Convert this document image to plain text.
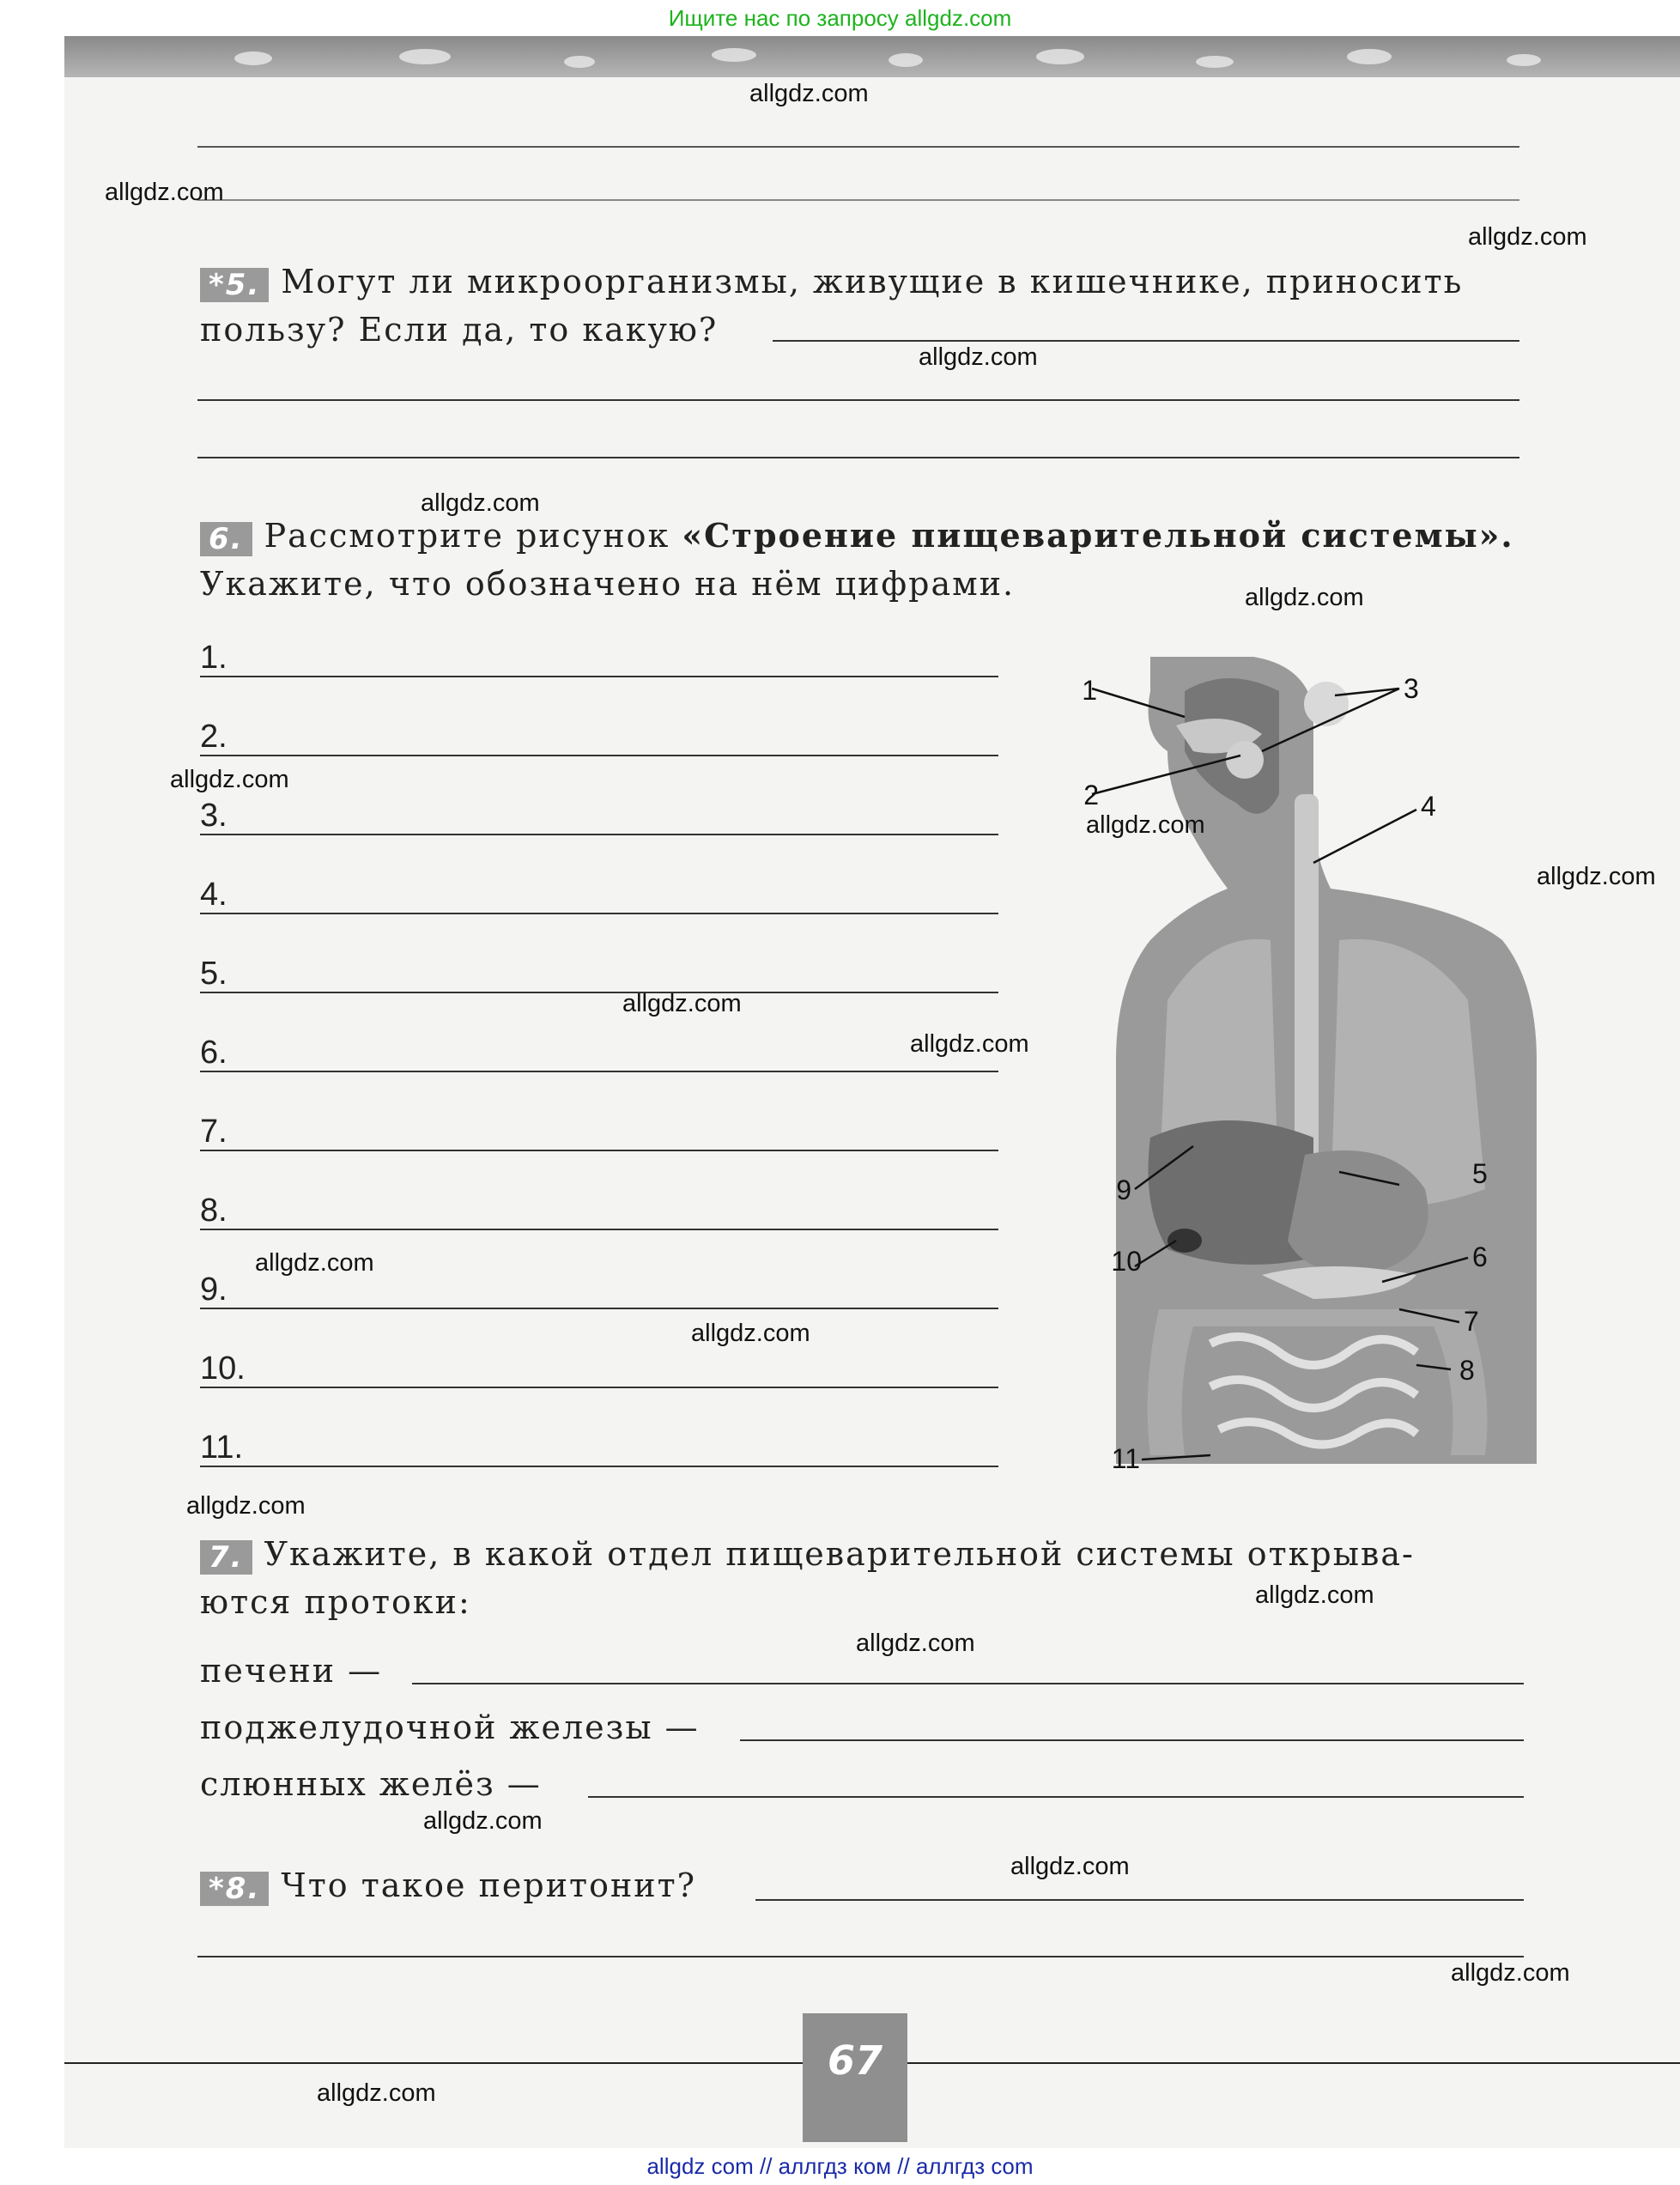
Ищите нас по запросу allgdz.com
*5. Могут ли микроорганизмы, живущие в кишечнике, приносить
пользу? Если да, то какую?
6. Рассмотрите рисунок «Строение пищеварительной системы».
Укажите, что обозначено на нём цифрами.
1.
2.
3.
4.
5.
6.
7.
8.
9.
10.
11.
1
2
3
4
5
6
7
8
9
10
11
7. Укажите, в какой отдел пищеварительной системы открыва-
ются протоки:
печени —
поджелудочной железы —
слюнных желёз —
*8. Что такое перитонит?
67
allgdz.com
allgdz.com
allgdz.com
allgdz.com
allgdz.com
allgdz.com
allgdz.com
allgdz.com
allgdz.com
allgdz.com
allgdz.com
allgdz.com
allgdz.com
allgdz.com
allgdz.com
allgdz.com
allgdz.com
allgdz.com
allgdz.com
allgdz.com
allgdz com // аллгдз ком // аллгдз com
